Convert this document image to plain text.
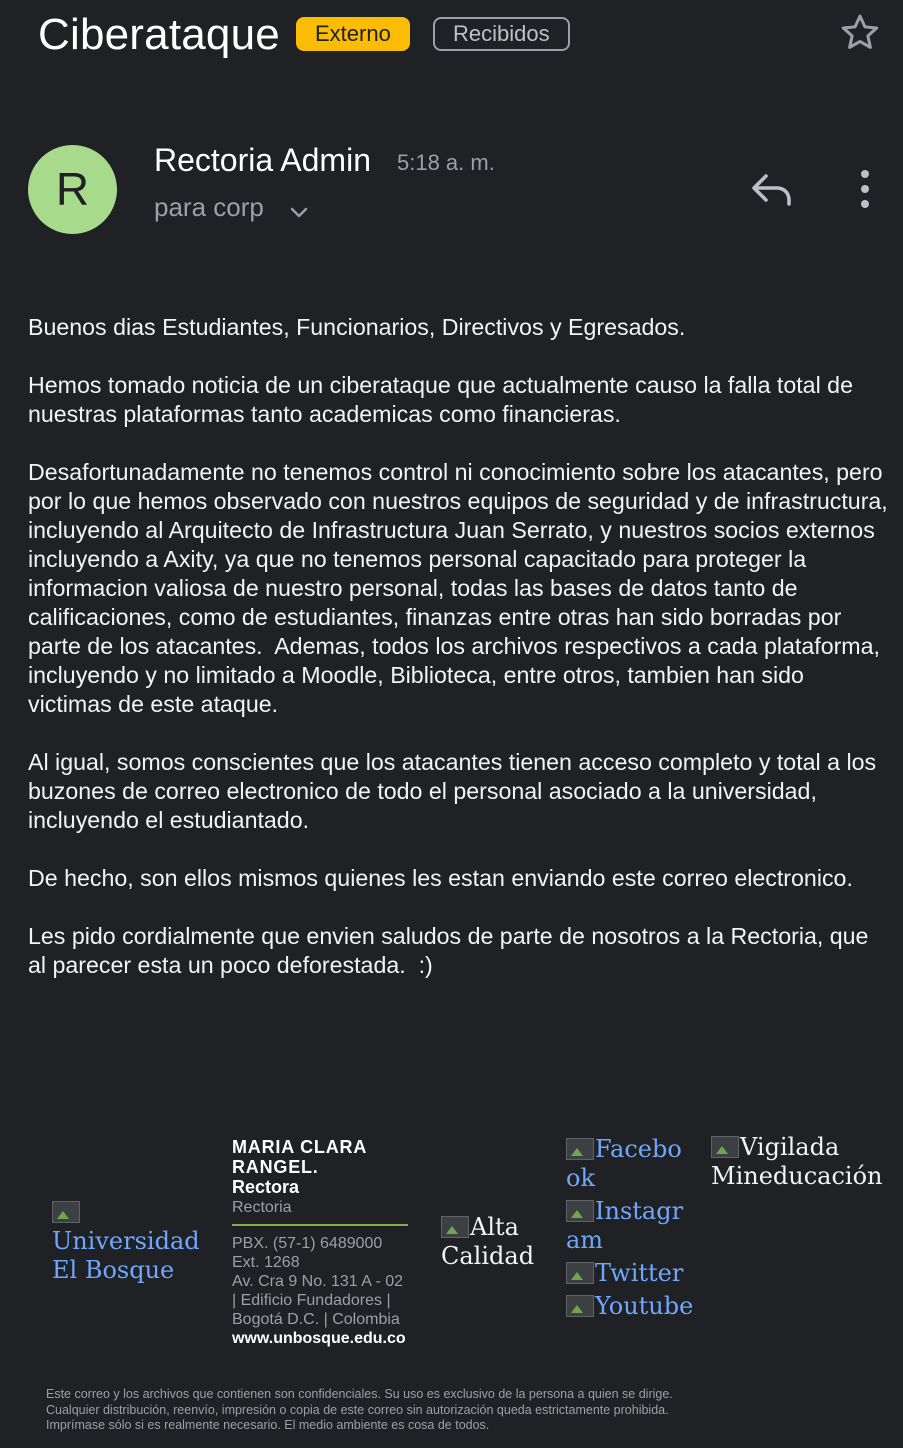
Ciberataque	Externo	Recibidos
R
Rectoria Admin 5:18 a. m.
para corp

Buenos dias Estudiantes, Funcionarios, Directivos y Egresados.

Hemos tomado noticia de un ciberataque que actualmente causo la falla total de nuestras plataformas tanto academicas como financieras.

Desafortunadamente no tenemos control ni conocimiento sobre los atacantes, pero por lo que hemos observado con nuestros equipos de seguridad y de infrastructura, incluyendo al Arquitecto de Infrastructura Juan Serrato, y nuestros socios externos incluyendo a Axity, ya que no tenemos personal capacitado para proteger la informacion valiosa de nuestro personal, todas las bases de datos tanto de calificaciones, como de estudiantes, finanzas entre otras han sido borradas por parte de los atacantes.  Ademas, todos los archivos respectivos a cada plataforma, incluyendo y no limitado a Moodle, Biblioteca, entre otros, tambien han sido victimas de este ataque.

Al igual, somos conscientes que los atacantes tienen acceso completo y total a los buzones de correo electronico de todo el personal asociado a la universidad, incluyendo el estudiantado.

De hecho, son ellos mismos quienes les estan enviando este correo electronico.

Les pido cordialmente que envien saludos de parte de nosotros a la Rectoria, que al parecer esta un poco deforestada.  :)

Universidad El Bosque
MARIA CLARA
RANGEL.
Rectora
Rectoria
PBX. (57-1) 6489000
Ext. 1268
Av. Cra 9 No. 131 A - 02
| Edificio Fundadores |
Bogotá D.C. | Colombia
www.unbosque.edu.co
Alta Calidad
Facebook
Instagram
Twitter
Youtube
Vigilada Mineducación
Este correo y los archivos que contienen son confidenciales. Su uso es exclusivo de la persona a quien se dirige. Cualquier distribución, reenvío, impresión o copia de este correo sin autorización queda estrictamente prohibida. Imprímase sólo si es realmente necesario. El medio ambiente es cosa de todos.
